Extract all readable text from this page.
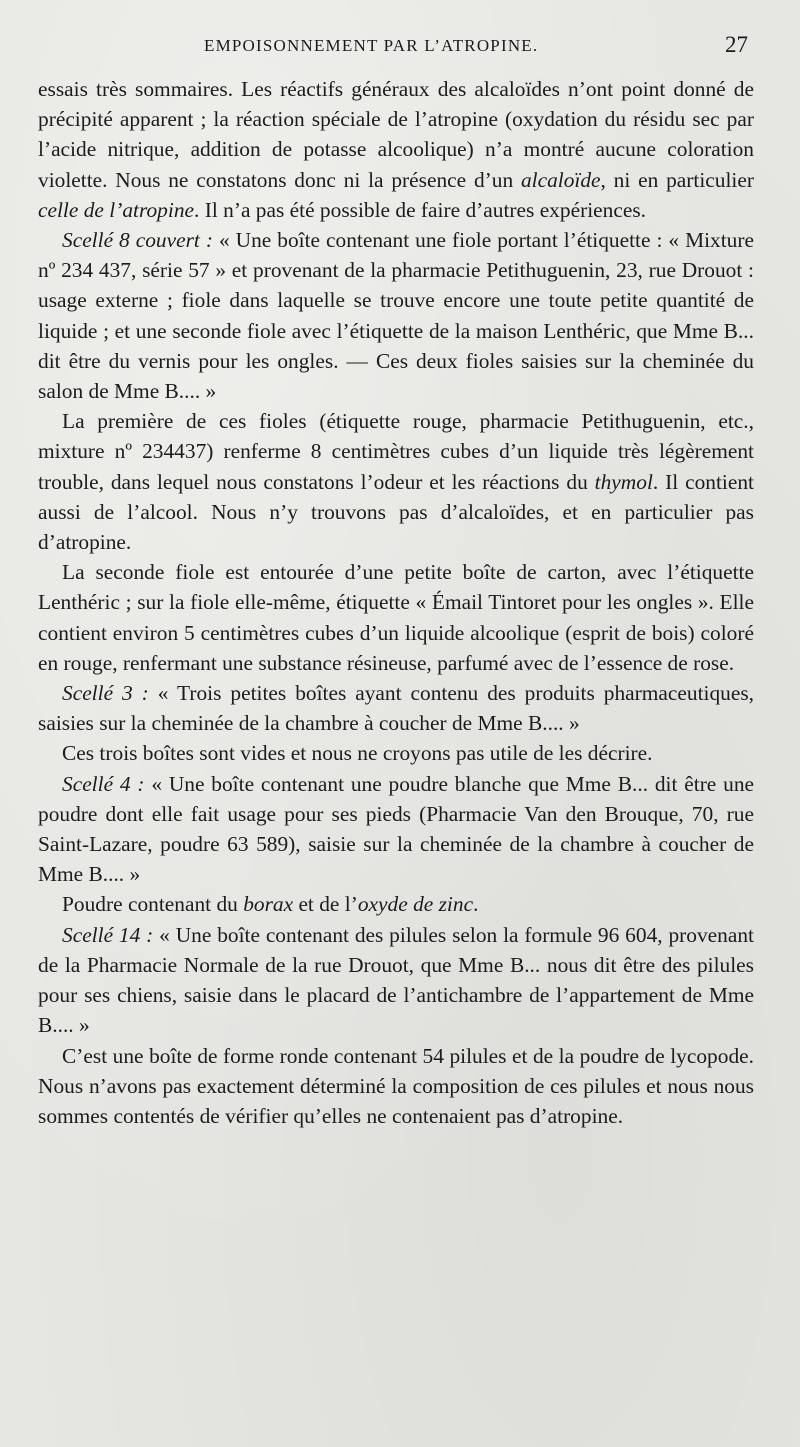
EMPOISONNEMENT PAR L’ATROPINE.	27

essais très sommaires. Les réactifs généraux des alcaloïdes n’ont point donné de précipité apparent ; la réaction spéciale de l’atropine (oxydation du résidu sec par l’acide nitrique, addition de potasse alcoolique) n’a montré aucune coloration violette. Nous ne constatons donc ni la présence d’un alcaloïde, ni en particulier celle de l’atropine. Il n’a pas été possible de faire d’autres expériences.

Scellé 8 couvert : « Une boîte contenant une fiole portant l’étiquette : « Mixture nº 234 437, série 57 » et provenant de la pharmacie Petithuguenin, 23, rue Drouot : usage externe ; fiole dans laquelle se trouve encore une toute petite quantité de liquide ; et une seconde fiole avec l’étiquette de la maison Lenthéric, que Mme B... dit être du vernis pour les ongles. — Ces deux fioles saisies sur la cheminée du salon de Mme B.... »

La première de ces fioles (étiquette rouge, pharmacie Petithuguenin, etc., mixture nº 234437) renferme 8 centimètres cubes d’un liquide très légèrement trouble, dans lequel nous constatons l’odeur et les réactions du thymol. Il contient aussi de l’alcool. Nous n’y trouvons pas d’alcaloïdes, et en particulier pas d’atropine.

La seconde fiole est entourée d’une petite boîte de carton, avec l’étiquette Lenthéric ; sur la fiole elle-même, étiquette « Émail Tintoret pour les ongles ». Elle contient environ 5 centimètres cubes d’un liquide alcoolique (esprit de bois) coloré en rouge, renfermant une substance résineuse, parfumé avec de l’essence de rose.

Scellé 3 : « Trois petites boîtes ayant contenu des produits pharmaceutiques, saisies sur la cheminée de la chambre à coucher de Mme B.... »

Ces trois boîtes sont vides et nous ne croyons pas utile de les décrire.

Scellé 4 : « Une boîte contenant une poudre blanche que Mme B... dit être une poudre dont elle fait usage pour ses pieds (Pharmacie Van den Brouque, 70, rue Saint-Lazare, poudre 63 589), saisie sur la cheminée de la chambre à coucher de Mme B.... »

Poudre contenant du borax et de l’oxyde de zinc.

Scellé 14 : « Une boîte contenant des pilules selon la formule 96 604, provenant de la Pharmacie Normale de la rue Drouot, que Mme B... nous dit être des pilules pour ses chiens, saisie dans le placard de l’antichambre de l’appartement de Mme B.... »

C’est une boîte de forme ronde contenant 54 pilules et de la poudre de lycopode. Nous n’avons pas exactement déterminé la composition de ces pilules et nous nous sommes contentés de vérifier qu’elles ne contenaient pas d’atropine.
